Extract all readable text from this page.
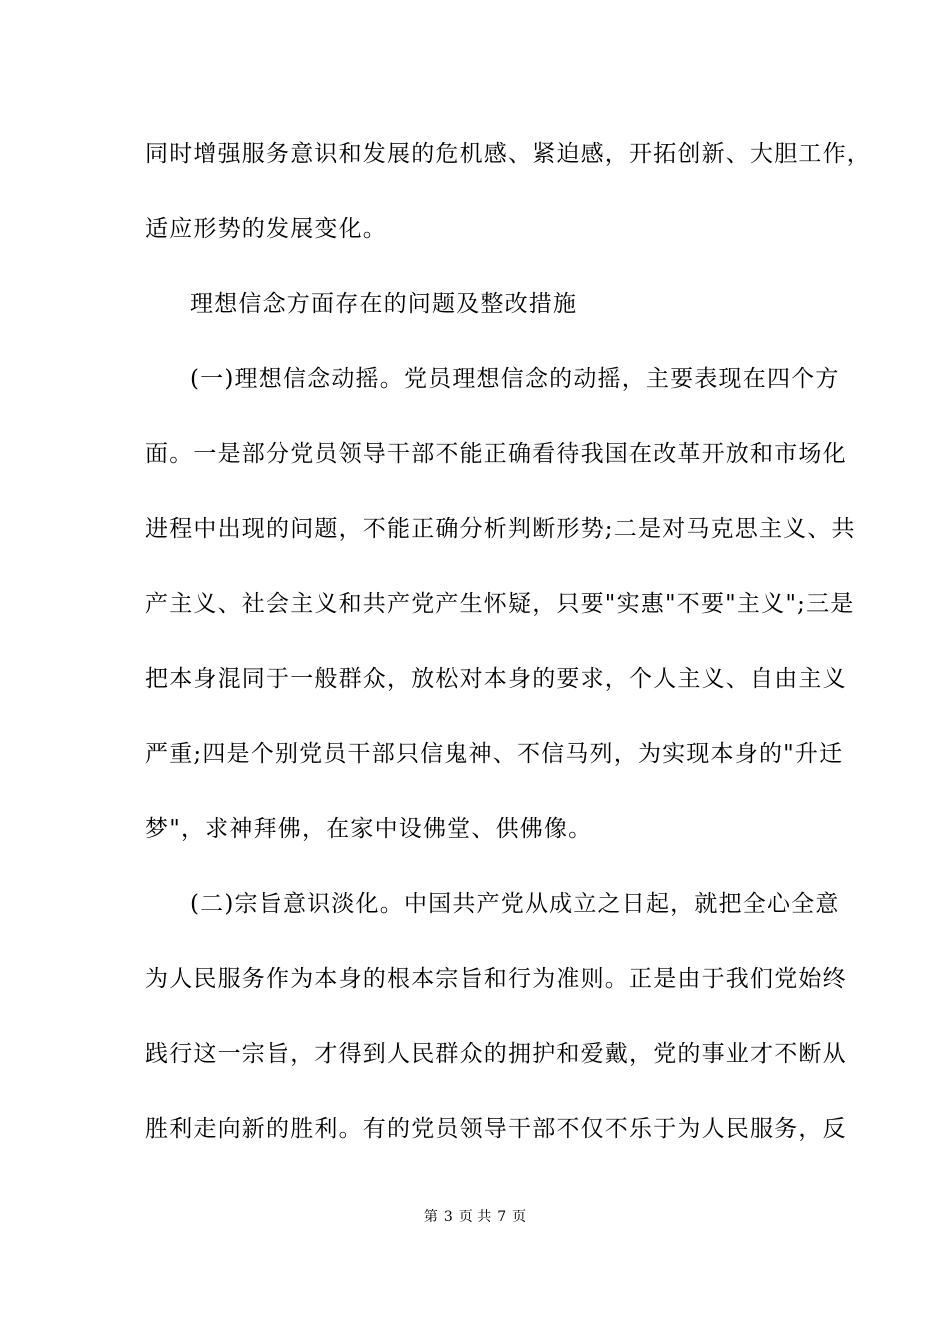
同时增强服务意识和发展的危机感、紧迫感，开拓创新、大胆工作，
适应形势的发展变化。
理想信念方面存在的问题及整改措施
(一)理想信念动摇。党员理想信念的动摇，主要表现在四个方
面。一是部分党员领导干部不能正确看待我国在改革开放和市场化
进程中出现的问题，不能正确分析判断形势;二是对马克思主义、共
产主义、社会主义和共产党产生怀疑，只要"实惠"不要"主义";三是
把本身混同于一般群众，放松对本身的要求，个人主义、自由主义
严重;四是个别党员干部只信鬼神、不信马列，为实现本身的"升迁
梦"，求神拜佛，在家中设佛堂、供佛像。
(二)宗旨意识淡化。中国共产党从成立之日起，就把全心全意
为人民服务作为本身的根本宗旨和行为准则。正是由于我们党始终
践行这一宗旨，才得到人民群众的拥护和爱戴，党的事业才不断从
胜利走向新的胜利。有的党员领导干部不仅不乐于为人民服务，反
第 3 页 共 7 页
